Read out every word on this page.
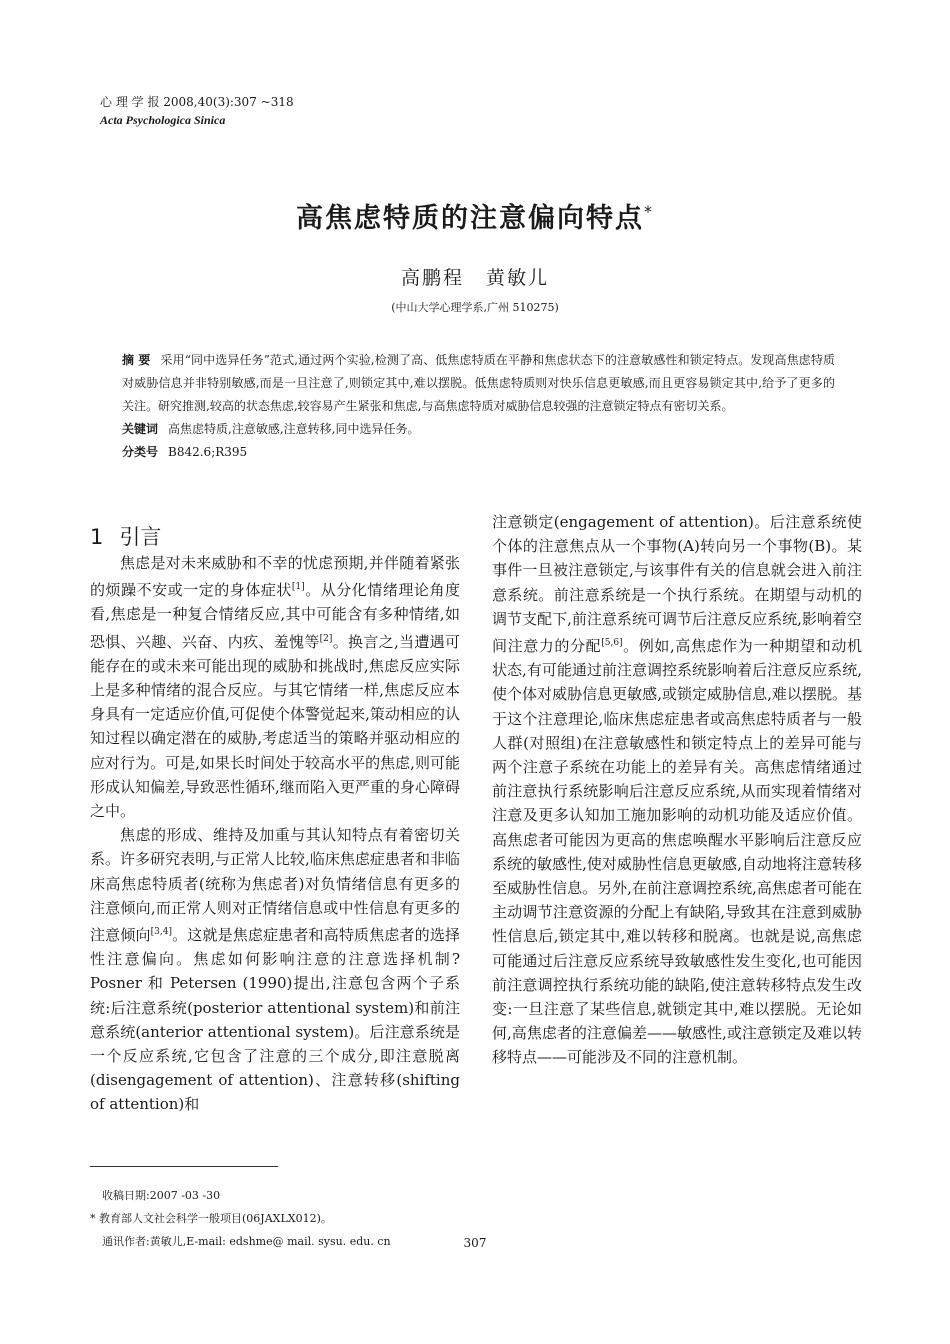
心 理 学 报 2008,40(3):307 ~318
Acta Psychologica Sinica
高焦虑特质的注意偏向特点*
高鹏程 黄敏儿
(中山大学心理学系,广州 510275)
摘 要 采用“同中选异任务”范式,通过两个实验,检测了高、低焦虑特质在平静和焦虑状态下的注意敏感性和锁定特点。发现高焦虑特质对威胁信息并非特别敏感,而是一旦注意了,则锁定其中,难以摆脱。低焦虑特质则对快乐信息更敏感,而且更容易锁定其中,给予了更多的关注。研究推测,较高的状态焦虑,较容易产生紧张和焦虑,与高焦虑特质对威胁信息较强的注意锁定特点有密切关系。
关键词 高焦虑特质,注意敏感,注意转移,同中选异任务。
分类号 B842.6;R395
1 引言

焦虑是对未来威胁和不幸的忧虑预期,并伴随着紧张的烦躁不安或一定的身体症状[1]。从分化情绪理论角度看,焦虑是一种复合情绪反应,其中可能含有多种情绪,如恐惧、兴趣、兴奋、内疚、羞愧等[2]。换言之,当遭遇可能存在的或未来可能出现的威胁和挑战时,焦虑反应实际上是多种情绪的混合反应。与其它情绪一样,焦虑反应本身具有一定适应价值,可促使个体警觉起来,策动相应的认知过程以确定潜在的威胁,考虑适当的策略并驱动相应的应对行为。可是,如果长时间处于较高水平的焦虑,则可能形成认知偏差,导致恶性循环,继而陷入更严重的身心障碍之中。

焦虑的形成、维持及加重与其认知特点有着密切关系。许多研究表明,与正常人比较,临床焦虑症患者和非临床高焦虑特质者(统称为焦虑者)对负情绪信息有更多的注意倾向,而正常人则对正情绪信息或中性信息有更多的注意倾向[3,4]。这就是焦虑症患者和高特质焦虑者的选择性注意偏向。焦虑如何影响注意的注意选择机制? Posner 和 Petersen (1990)提出,注意包含两个子系统:后注意系统(posterior attentional system)和前注意系统(anterior attentional system)。后注意系统是一个反应系统,它包含了注意的三个成分,即注意脱离(disengagement of attention)、注意转移(shifting of attention)和

注意锁定(engagement of attention)。后注意系统使个体的注意焦点从一个事物(A)转向另一个事物(B)。某事件一旦被注意锁定,与该事件有关的信息就会进入前注意系统。前注意系统是一个执行系统。在期望与动机的调节支配下,前注意系统可调节后注意反应系统,影响着空间注意力的分配[5,6]。例如,高焦虑作为一种期望和动机状态,有可能通过前注意调控系统影响着后注意反应系统,使个体对威胁信息更敏感,或锁定威胁信息,难以摆脱。基于这个注意理论,临床焦虑症患者或高焦虑特质者与一般人群(对照组)在注意敏感性和锁定特点上的差异可能与两个注意子系统在功能上的差异有关。高焦虑情绪通过前注意执行系统影响后注意反应系统,从而实现着情绪对注意及更多认知加工施加影响的动机功能及适应价值。高焦虑者可能因为更高的焦虑唤醒水平影响后注意反应系统的敏感性,使对威胁性信息更敏感,自动地将注意转移至威胁性信息。另外,在前注意调控系统,高焦虑者可能在主动调节注意资源的分配上有缺陷,导致其在注意到威胁性信息后,锁定其中,难以转移和脱离。也就是说,高焦虑可能通过后注意反应系统导致敏感性发生变化,也可能因前注意调控执行系统功能的缺陷,使注意转移特点发生改变:一旦注意了某些信息,就锁定其中,难以摆脱。无论如何,高焦虑者的注意偏差——敏感性,或注意锁定及难以转移特点——可能涉及不同的注意机制。

收稿日期:2007 -03 -30
* 教育部人文社会科学一般项目(06JAXLX012)。
通讯作者:黄敏儿,E-mail: edshme@ mail. sysu. edu. cn	307
